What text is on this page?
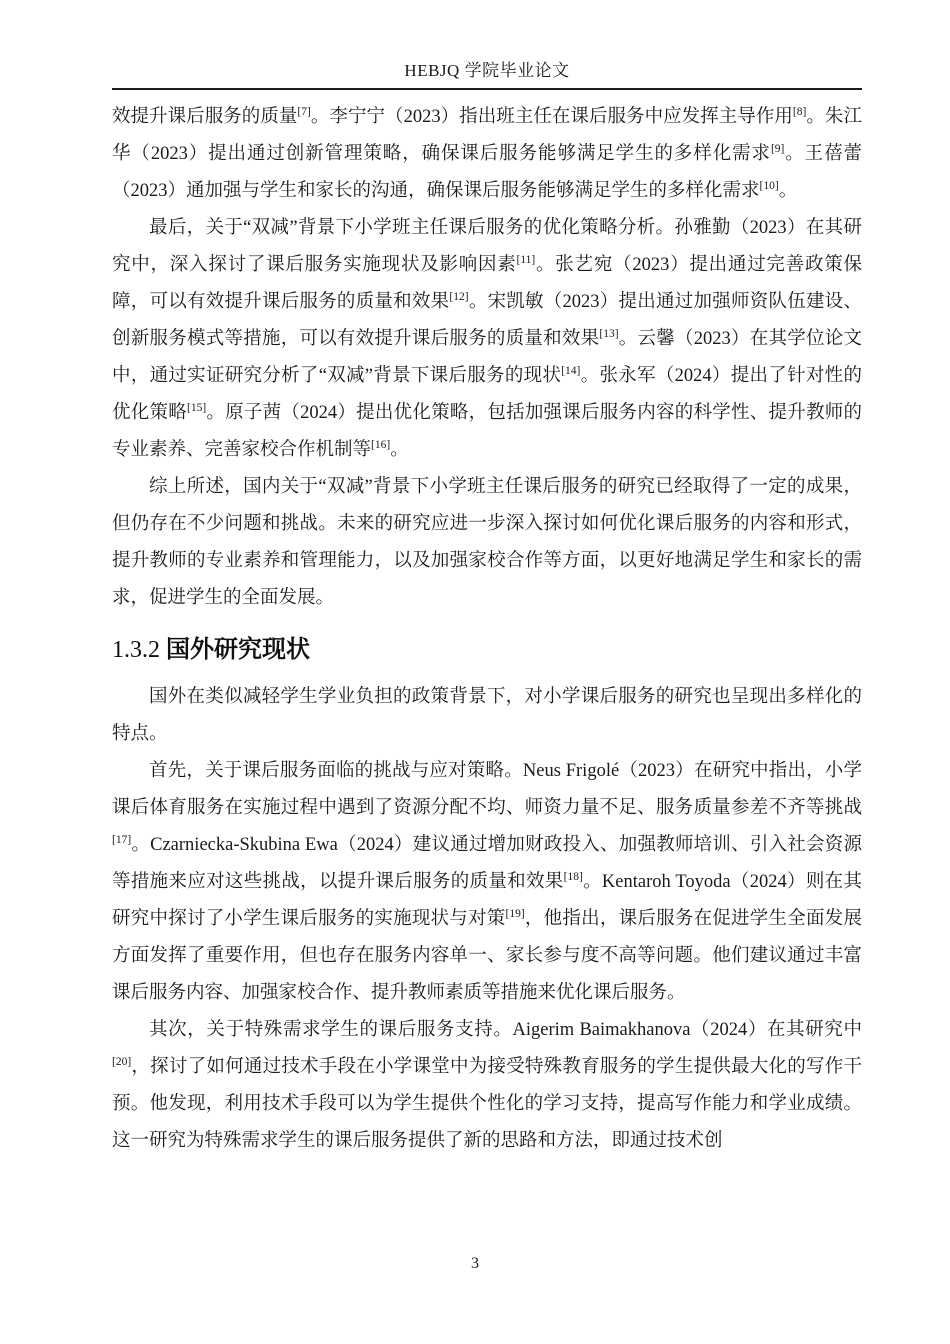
HEBJQ 学院毕业论文

效提升课后服务的质量[7]。李宁宁（2023）指出班主任在课后服务中应发挥主导作用[8]。朱江华（2023）提出通过创新管理策略，确保课后服务能够满足学生的多样化需求[9]。王蓓蕾（2023）通加强与学生和家长的沟通，确保课后服务能够满足学生的多样化需求[10]。

最后，关于“双减”背景下小学班主任课后服务的优化策略分析。孙雅勤（2023）在其研究中，深入探讨了课后服务实施现状及影响因素[11]。张艺宛（2023）提出通过完善政策保障，可以有效提升课后服务的质量和效果[12]。宋凯敏（2023）提出通过加强师资队伍建设、创新服务模式等措施，可以有效提升课后服务的质量和效果[13]。云馨（2023）在其学位论文中，通过实证研究分析了“双减”背景下课后服务的现状[14]。张永军（2024）提出了针对性的优化策略[15]。原子茜（2024）提出优化策略，包括加强课后服务内容的科学性、提升教师的专业素养、完善家校合作机制等[16]。

综上所述，国内关于“双减”背景下小学班主任课后服务的研究已经取得了一定的成果，但仍存在不少问题和挑战。未来的研究应进一步深入探讨如何优化课后服务的内容和形式，提升教师的专业素养和管理能力，以及加强家校合作等方面，以更好地满足学生和家长的需求，促进学生的全面发展。

1.3.2 国外研究现状

国外在类似减轻学生学业负担的政策背景下，对小学课后服务的研究也呈现出多样化的特点。

首先，关于课后服务面临的挑战与应对策略。Neus Frigolé（2023）在研究中指出，小学课后体育服务在实施过程中遇到了资源分配不均、师资力量不足、服务质量参差不齐等挑战[17]。Czarniecka-Skubina Ewa（2024）建议通过增加财政投入、加强教师培训、引入社会资源等措施来应对这些挑战，以提升课后服务的质量和效果[18]。Kentaroh Toyoda（2024）则在其研究中探讨了小学生课后服务的实施现状与对策[19]，他指出，课后服务在促进学生全面发展方面发挥了重要作用，但也存在服务内容单一、家长参与度不高等问题。他们建议通过丰富课后服务内容、加强家校合作、提升教师素质等措施来优化课后服务。

其次，关于特殊需求学生的课后服务支持。Aigerim Baimakhanova（2024）在其研究中[20]，探讨了如何通过技术手段在小学课堂中为接受特殊教育服务的学生提供最大化的写作干预。他发现，利用技术手段可以为学生提供个性化的学习支持，提高写作能力和学业成绩。这一研究为特殊需求学生的课后服务提供了新的思路和方法，即通过技术创

3
